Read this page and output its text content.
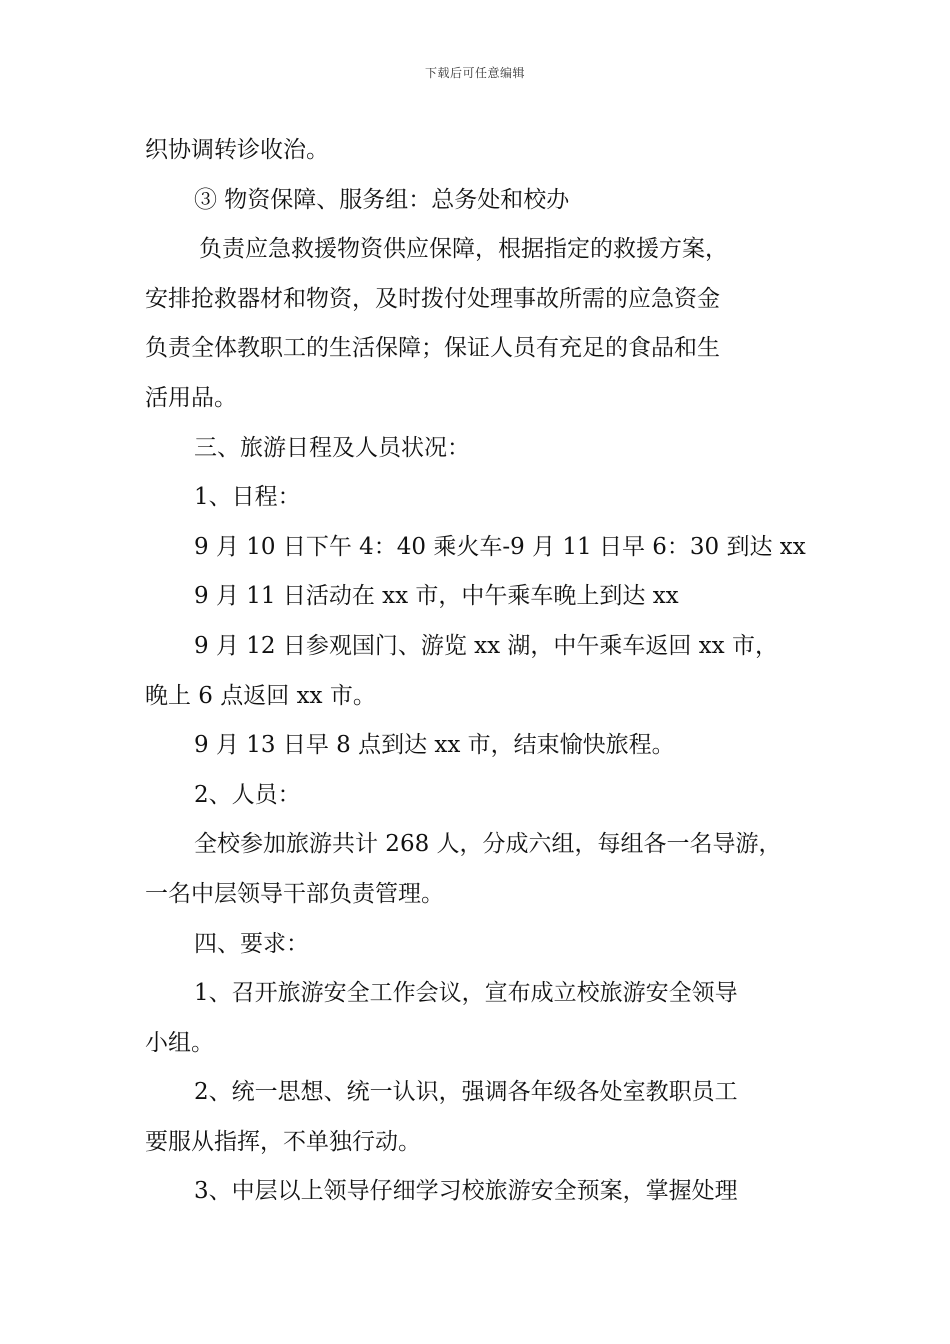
下载后可任意编辑
织协调转诊收治。
③ 物资保障、服务组：总务处和校办
负责应急救援物资供应保障，根据指定的救援方案，
安排抢救器材和物资，及时拨付处理事故所需的应急资金
负责全体教职工的生活保障；保证人员有充足的食品和生
活用品。
三、旅游日程及人员状况：
1、日程：
9 月 10 日下午 4：40 乘火车-9 月 11 日早 6：30 到达 xx
9 月 11 日活动在 xx 市，中午乘车晚上到达 xx
9 月 12 日参观国门、游览 xx 湖，中午乘车返回 xx 市，
晚上 6 点返回 xx 市。
9 月 13 日早 8 点到达 xx 市，结束愉快旅程。
2、人员：
全校参加旅游共计 268 人，分成六组，每组各一名导游，
一名中层领导干部负责管理。
四、要求：
1、召开旅游安全工作会议，宣布成立校旅游安全领导
小组。
2、统一思想、统一认识，强调各年级各处室教职员工
要服从指挥，不单独行动。
3、中层以上领导仔细学习校旅游安全预案，掌握处理
